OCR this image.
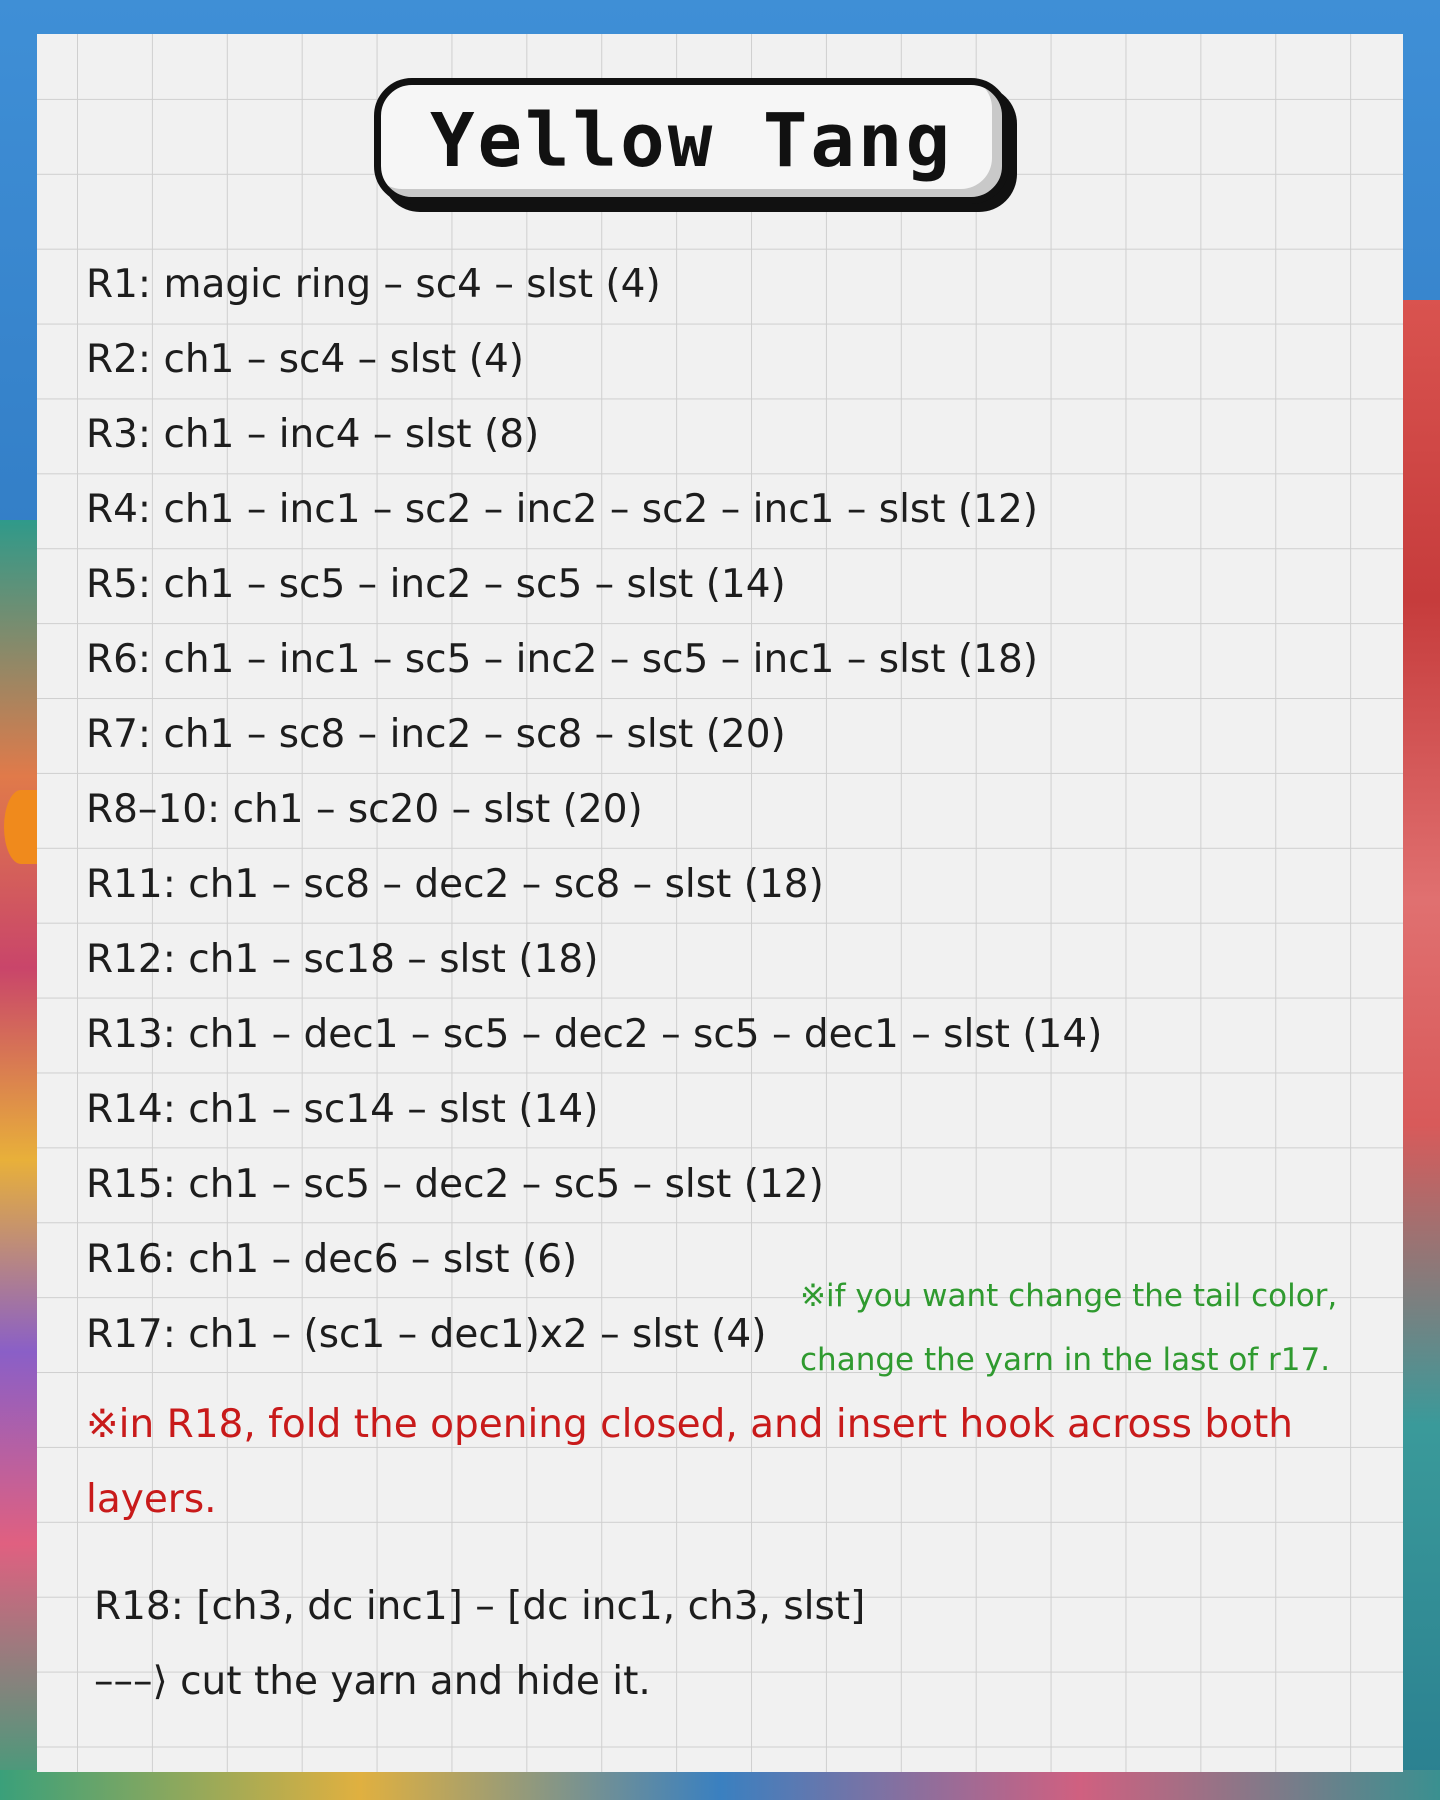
Yellow Tang
R1: magic ring – sc4 – slst (4)
R2: ch1 – sc4 – slst (4)
R3: ch1 – inc4 – slst (8)
R4: ch1 – inc1 – sc2 – inc2 – sc2 – inc1 – slst (12)
R5: ch1 – sc5 – inc2 – sc5 – slst (14)
R6: ch1 – inc1 – sc5 – inc2 – sc5 – inc1 – slst (18)
R7: ch1 – sc8 – inc2 – sc8 – slst (20)
R8–10: ch1 – sc20 – slst (20)
R11: ch1 – sc8 – dec2 – sc8 – slst (18)
R12: ch1 – sc18 – slst (18)
R13: ch1 – dec1 – sc5 – dec2 – sc5 – dec1 – slst (14)
R14: ch1 – sc14 – slst (14)
R15: ch1 – sc5 – dec2 – sc5 – slst (12)
R16: ch1 – dec6 – slst (6)
R17: ch1 – (sc1 – dec1)x2 – slst (4)
※if you want change the tail color,
change the yarn in the last of r17.
※in R18, fold the opening closed, and insert hook across both
layers.
R18: [ch3, dc inc1] – [dc inc1, ch3, slst]
–––⟩ cut the yarn and hide it.
